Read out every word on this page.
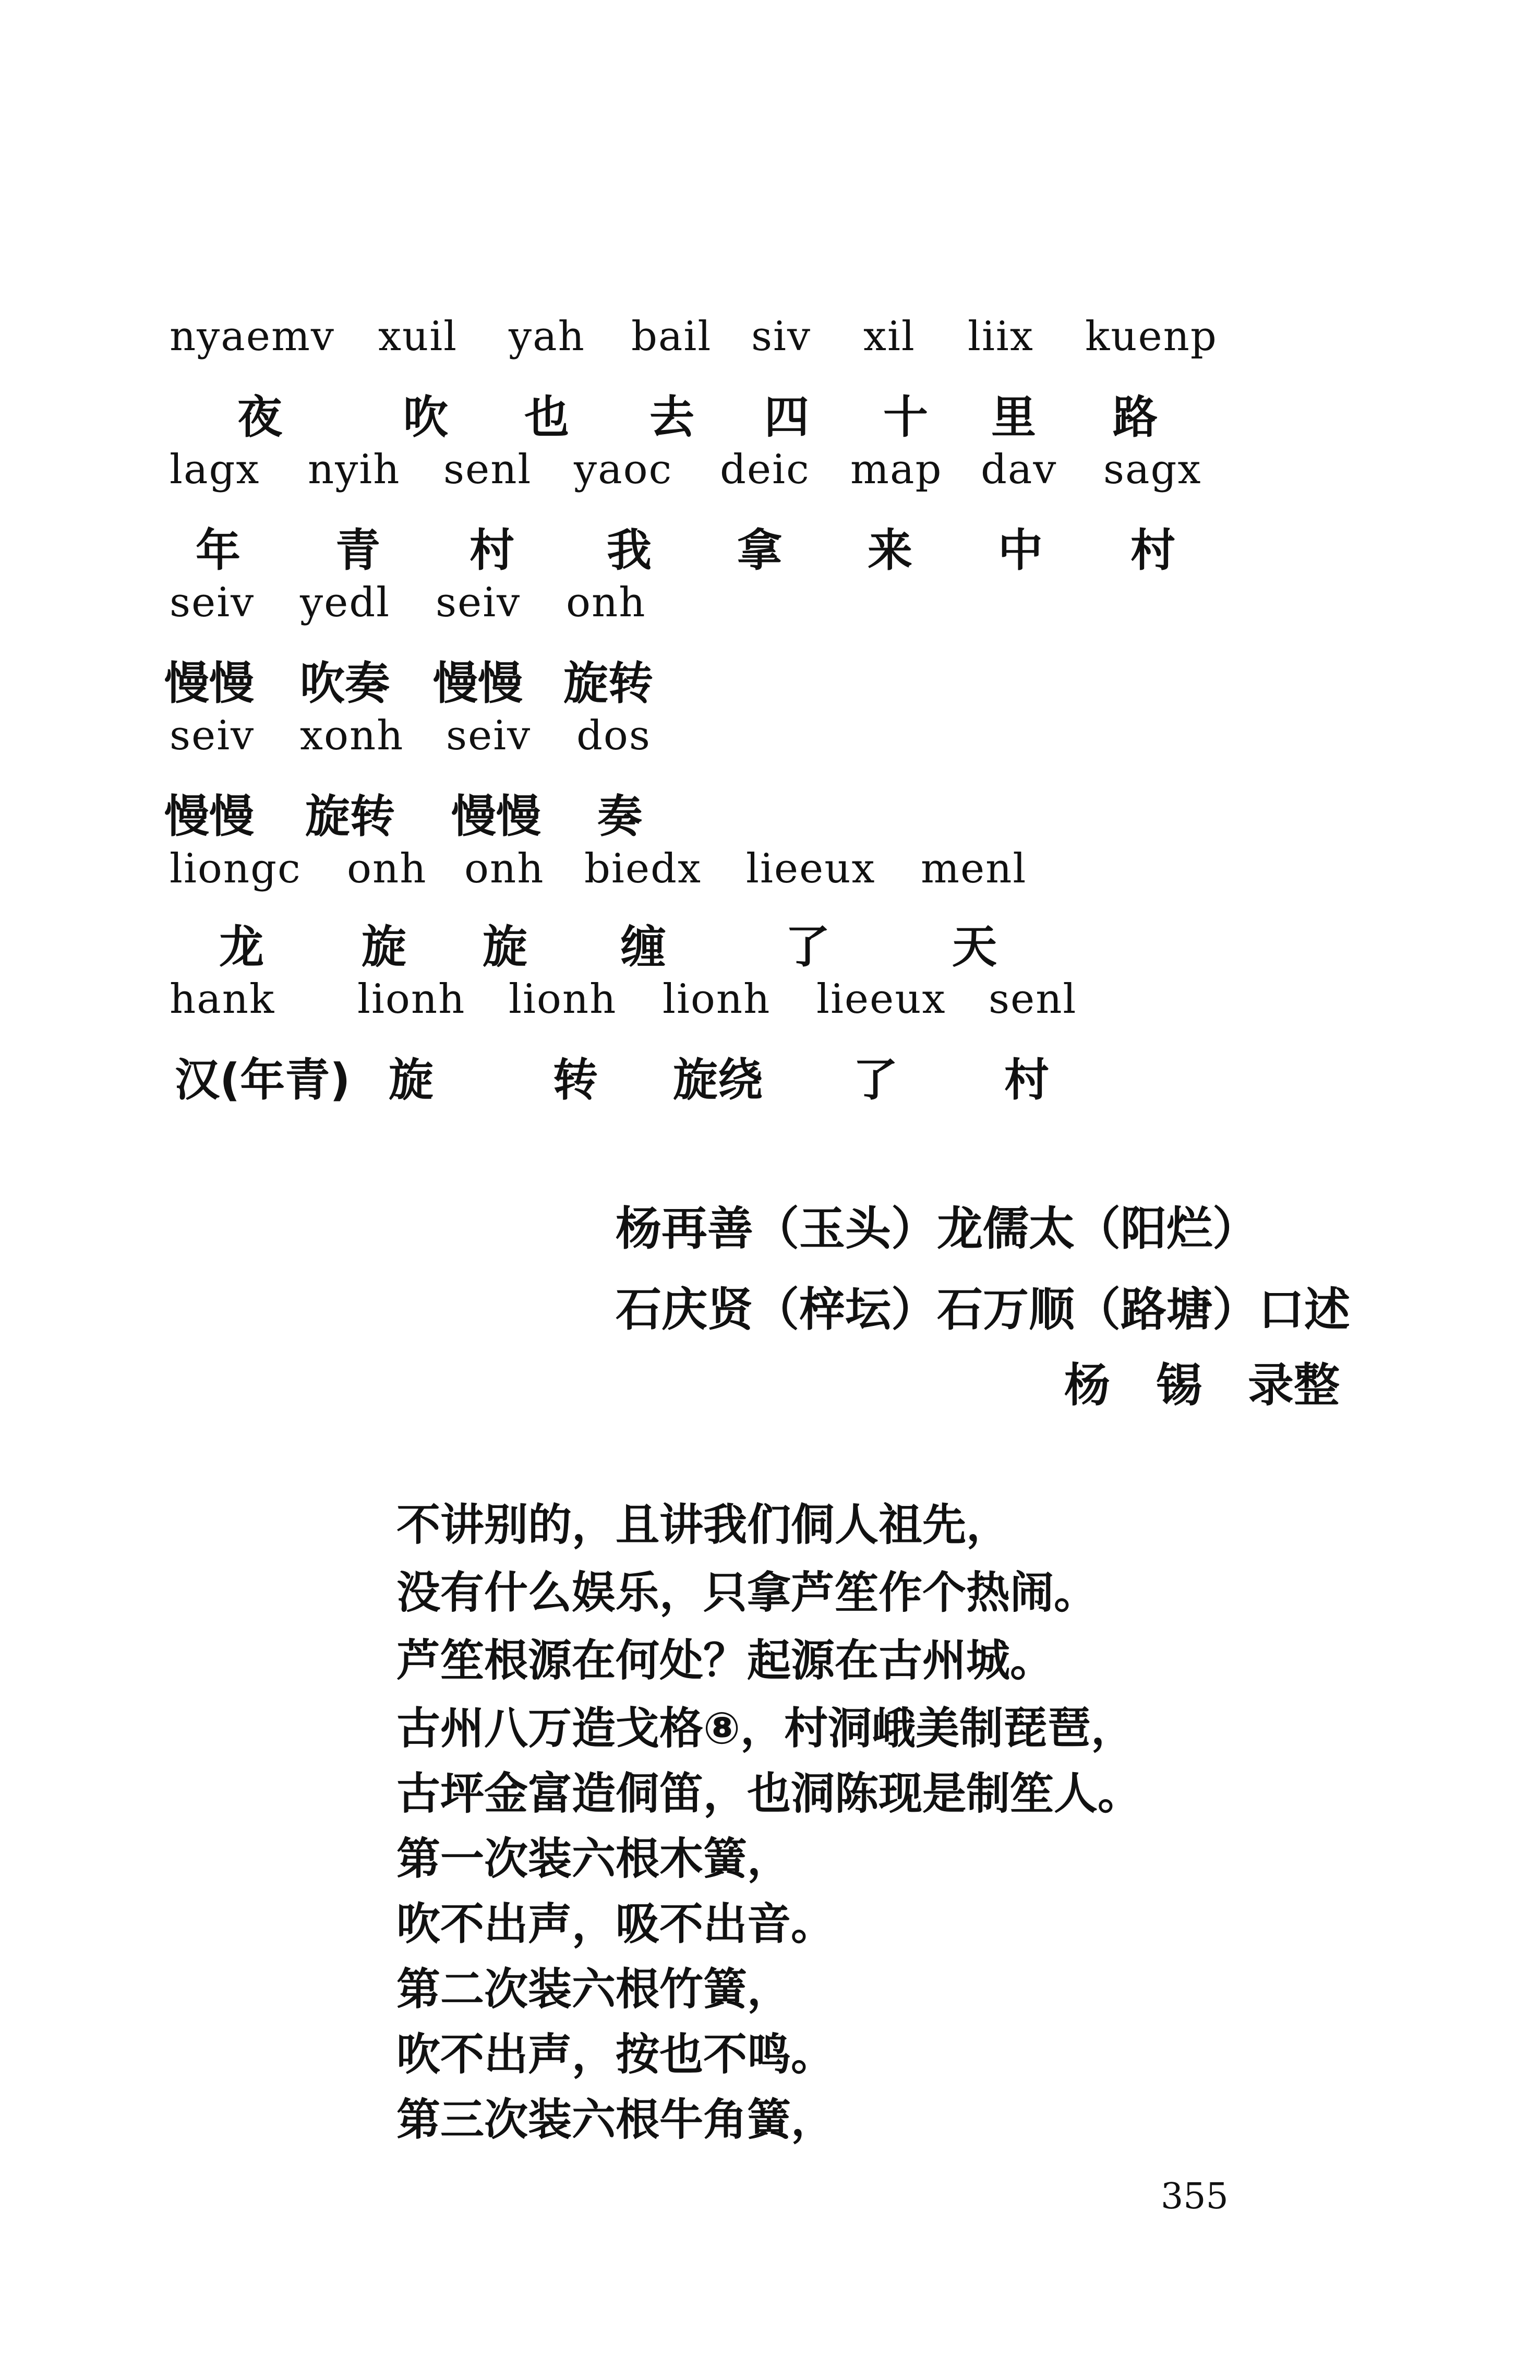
nyaemv xuil yah bail siv xil liix kuenp
夜	吹 也 去 四 十 里 路
lagx nyih senl yaoc deic map dav sagx
年 青 村 我 拿 来 中 村
seiv yedl seiv onh
慢慢 吹奏 慢慢 旋转
seiv xonh seiv dos
慢慢 旋转 慢慢 奏
liongc onh onh biedx lieeux menl
龙 旋 旋 缠	了	天
hank lionh lionh lionh lieeux senl
汉(年青) 旋	转 旋绕 了 村
杨再善（玉头）龙儒太（阳烂）
石庆贤（梓坛）石万顺（路塘）口述
杨　锡　录整
不讲别的，且讲我们侗人祖先，
没有什么娱乐，只拿芦笙作个热闹。
芦笙根源在何处？起源在古州城。
古州八万造戈格⑧，村洞峨美制琵琶，
古坪金富造侗笛，也洞陈现是制笙人。
第一次装六根木簧，
吹不出声，吸不出音。
第二次装六根竹簧，
吹不出声，按也不鸣。
第三次装六根牛角簧，
355
